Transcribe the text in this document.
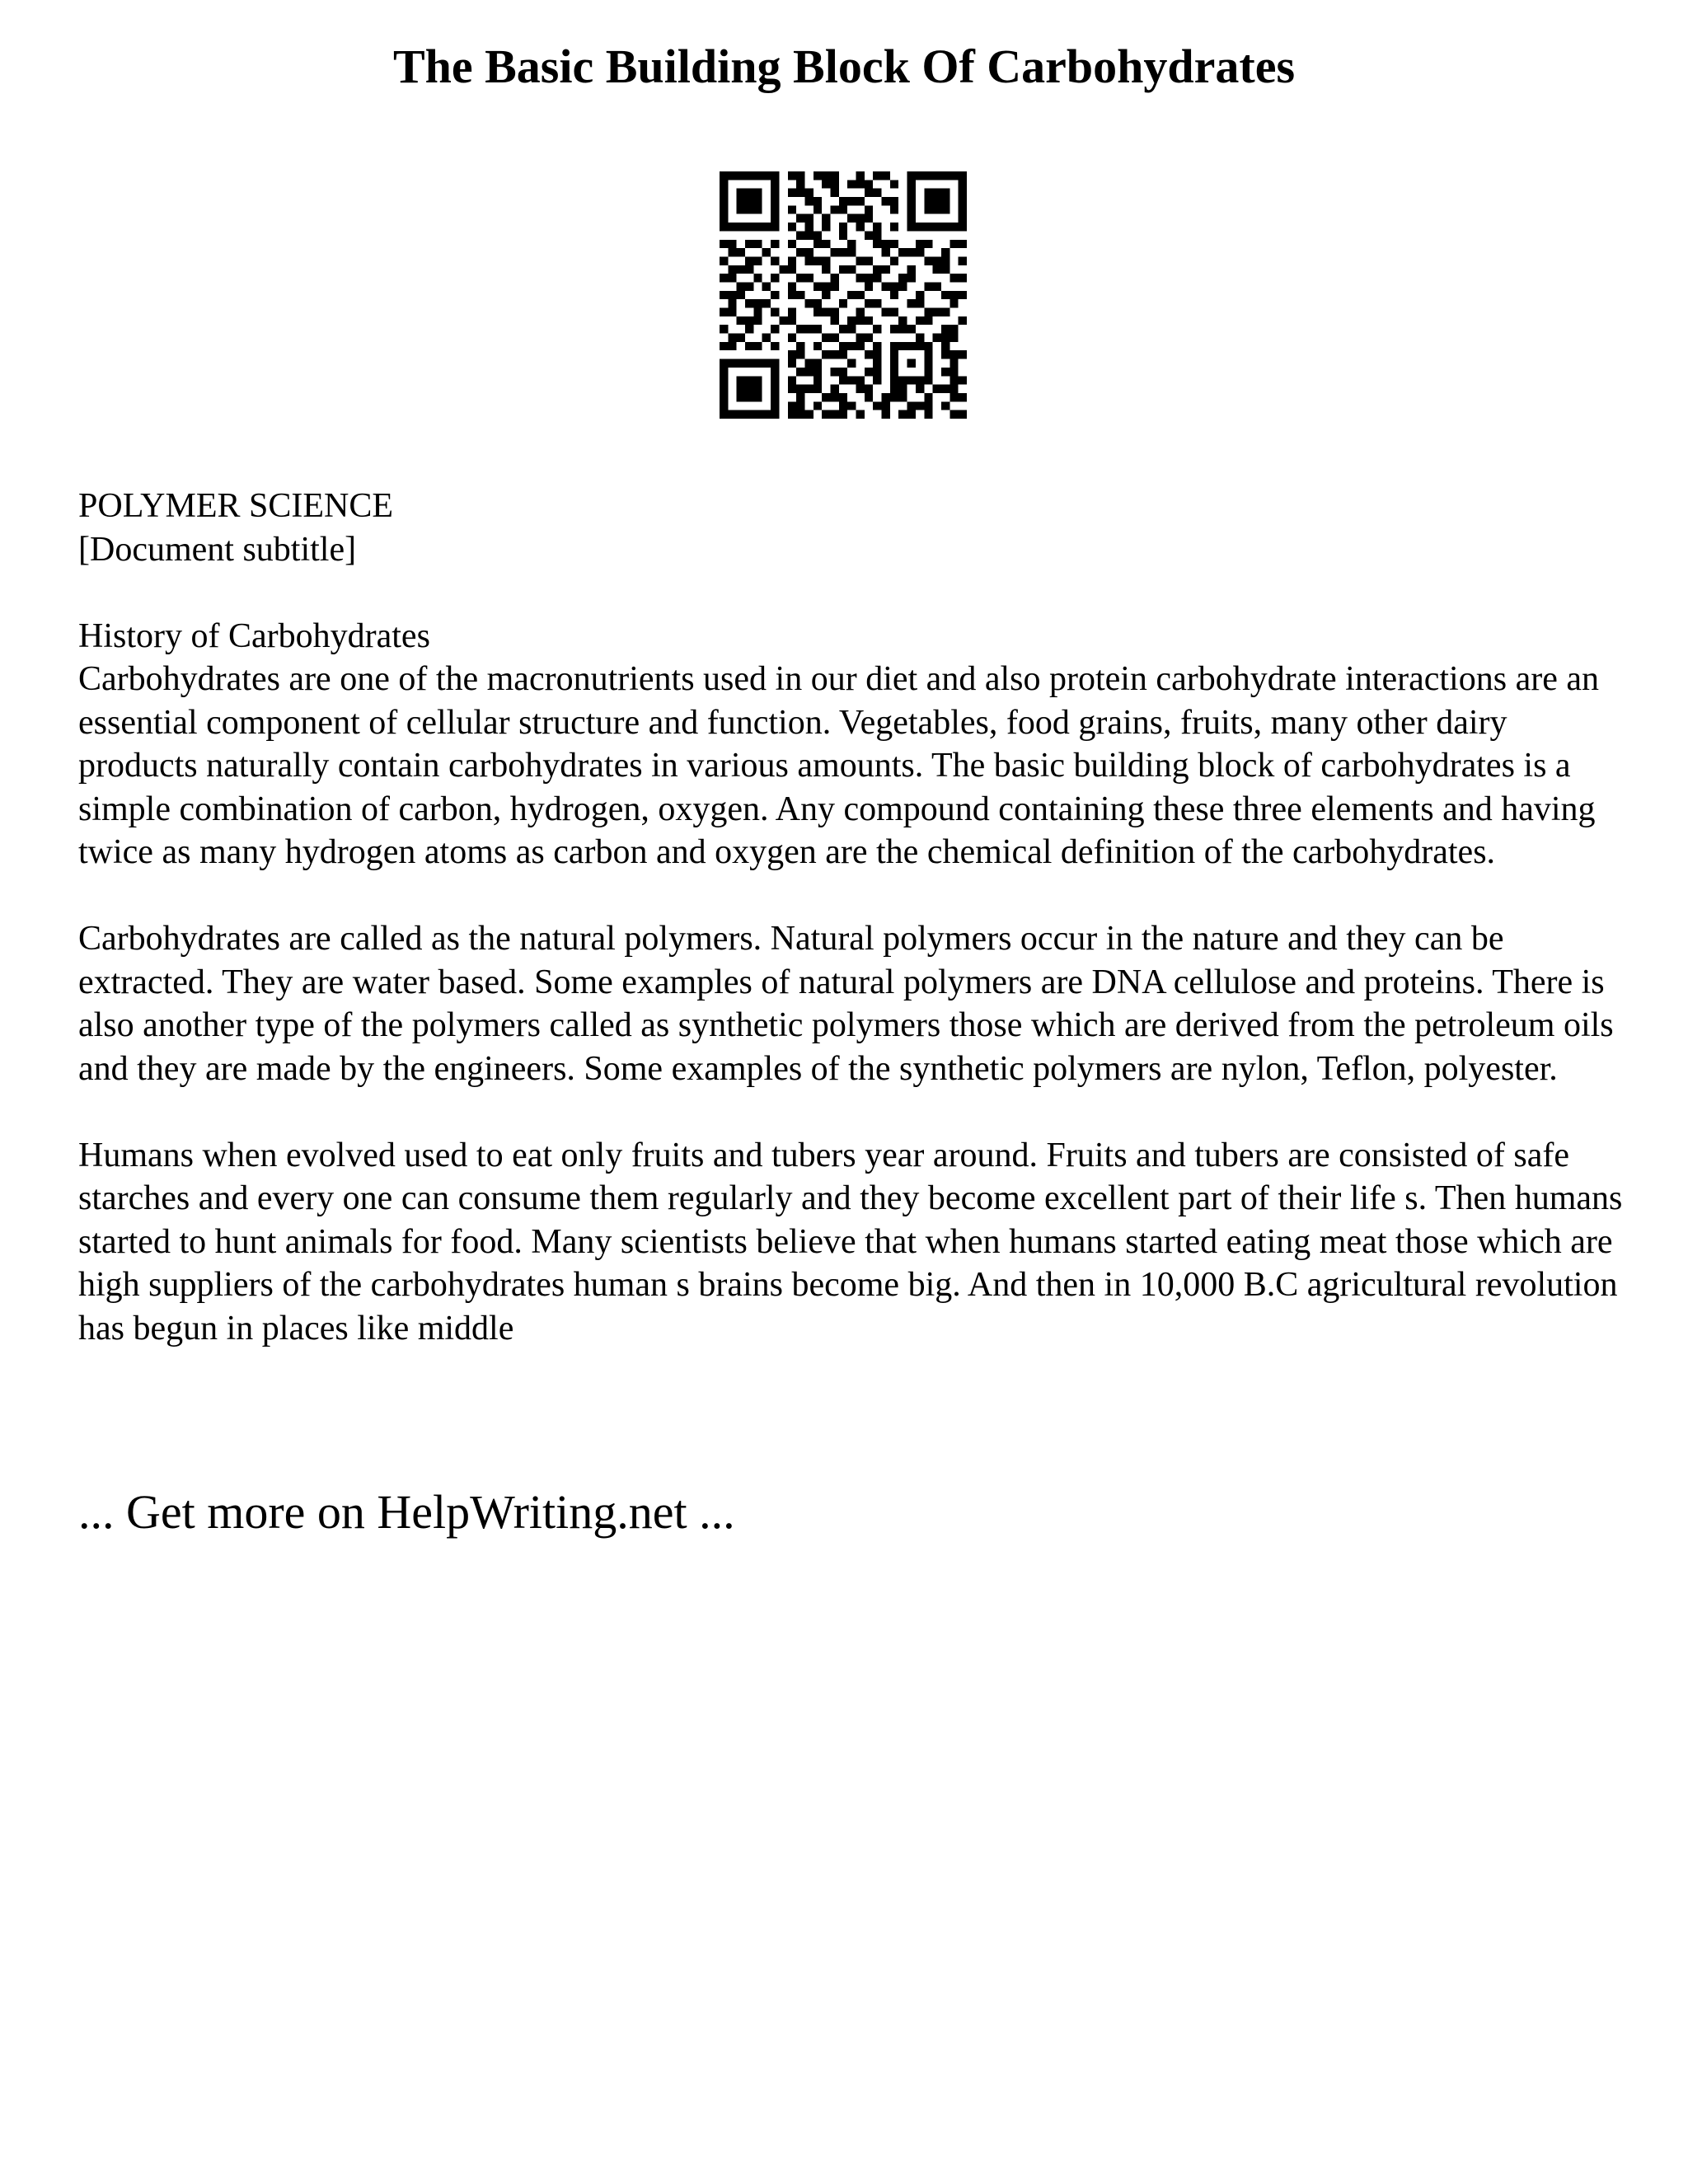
The Basic Building Block Of Carbohydrates

POLYMER SCIENCE

[Document subtitle]

History of Carbohydrates

Carbohydrates are one of the macronutrients used in our diet and also protein carbohydrate interactions are an essential component of cellular structure and function. Vegetables, food grains, fruits, many other dairy products naturally contain carbohydrates in various amounts. The basic building block of carbohydrates is a simple combination of carbon, hydrogen, oxygen. Any compound containing these three elements and having twice as many hydrogen atoms as carbon and oxygen are the chemical definition of the carbohydrates.

Carbohydrates are called as the natural polymers. Natural polymers occur in the nature and they can be extracted. They are water based. Some examples of natural polymers are DNA cellulose and proteins. There is also another type of the polymers called as synthetic polymers those which are derived from the petroleum oils and they are made by the engineers. Some examples of the synthetic polymers are nylon, Teflon, polyester.

Humans when evolved used to eat only fruits and tubers year around. Fruits and tubers are consisted of safe starches and every one can consume them regularly and they become excellent part of their life s. Then humans started to hunt animals for food. Many scientists believe that when humans started eating meat those which are high suppliers of the carbohydrates human s brains become big. And then in 10,000 B.C agricultural revolution has begun in places like middle

... Get more on HelpWriting.net ...
